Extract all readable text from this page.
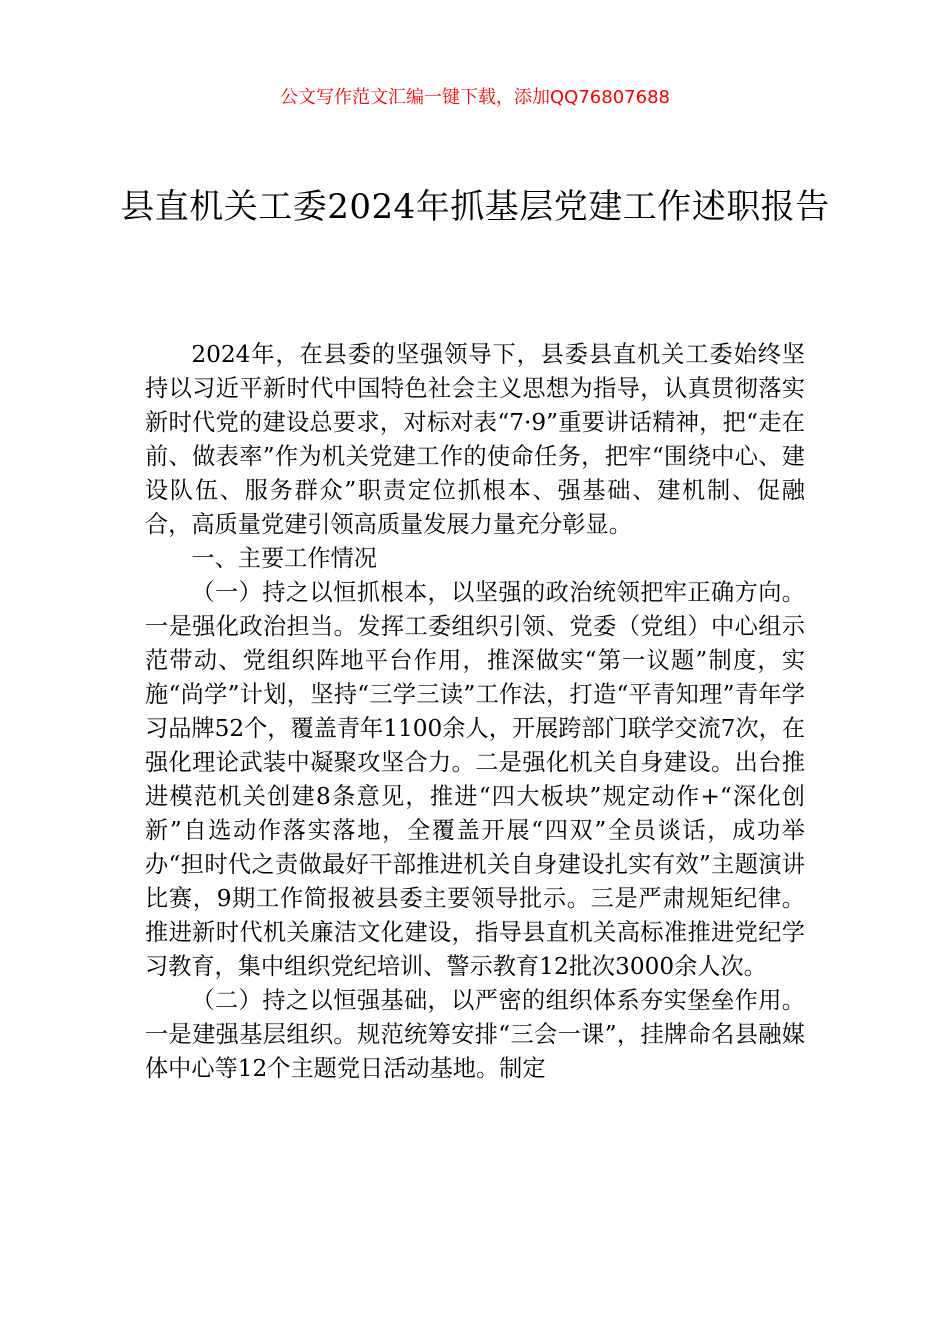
公文写作范文汇编一键下载，添加QQ76807688
县直机关工委2024年抓基层党建工作述职报告

2024年，在县委的坚强领导下，县委县直机关工委始终坚持以习近平新时代中国特色社会主义思想为指导，认真贯彻落实新时代党的建设总要求，对标对表“7·9”重要讲话精神，把“走在前、做表率”作为机关党建工作的使命任务，把牢“围绕中心、建设队伍、服务群众”职责定位抓根本、强基础、建机制、促融合，高质量党建引领高质量发展力量充分彰显。

一、主要工作情况

（一）持之以恒抓根本，以坚强的政治统领把牢正确方向。一是强化政治担当。发挥工委组织引领、党委（党组）中心组示范带动、党组织阵地平台作用，推深做实“第一议题”制度，实施“尚学”计划，坚持“三学三读”工作法，打造“平青知理”青年学习品牌52个，覆盖青年1100余人，开展跨部门联学交流7次，在强化理论武装中凝聚攻坚合力。二是强化机关自身建设。出台推进模范机关创建8条意见，推进“四大板块”规定动作+“深化创新”自选动作落实落地，全覆盖开展“四双”全员谈话，成功举办“担时代之责做最好干部推进机关自身建设扎实有效”主题演讲比赛，9期工作简报被县委主要领导批示。三是严肃规矩纪律。推进新时代机关廉洁文化建设，指导县直机关高标准推进党纪学习教育，集中组织党纪培训、警示教育12批次3000余人次。

（二）持之以恒强基础，以严密的组织体系夯实堡垒作用。一是建强基层组织。规范统筹安排“三会一课”，挂牌命名县融媒体中心等12个主题党日活动基地。制定
